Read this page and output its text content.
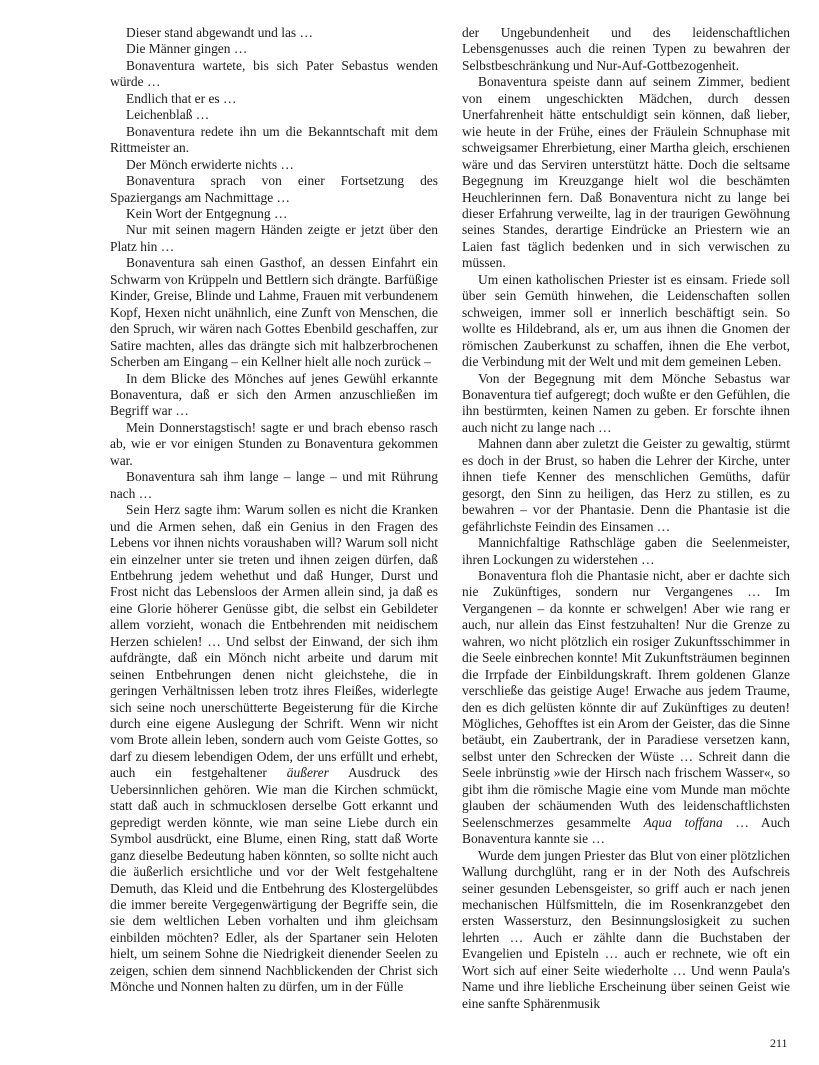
Dieser stand abgewandt und las …

Die Männer gingen …

Bonaventura wartete, bis sich Pater Sebastus wenden würde …

Endlich that er es …

Leichenblaß …

Bonaventura redete ihn um die Bekanntschaft mit dem Rittmeister an.

Der Mönch erwiderte nichts …

Bonaventura sprach von einer Fortsetzung des Spaziergangs am Nachmittage …

Kein Wort der Entgegnung …

Nur mit seinen magern Händen zeigte er jetzt über den Platz hin …

Bonaventura sah einen Gasthof, an dessen Einfahrt ein Schwarm von Krüppeln und Bettlern sich drängte. Barfüßige Kinder, Greise, Blinde und Lahme, Frauen mit verbundenem Kopf, Hexen nicht unähnlich, eine Zunft von Menschen, die den Spruch, wir wären nach Gottes Ebenbild geschaffen, zur Satire machten, alles das drängte sich mit halbzerbrochenen Scherben am Eingang – ein Kellner hielt alle noch zurück –

In dem Blicke des Mönches auf jenes Gewühl erkannte Bonaventura, daß er sich den Armen anzuschließen im Begriff war …

Mein Donnerstagstisch! sagte er und brach ebenso rasch ab, wie er vor einigen Stunden zu Bonaventura gekommen war.

Bonaventura sah ihm lange – lange – und mit Rührung nach …

Sein Herz sagte ihm: Warum sollen es nicht die Kranken und die Armen sehen, daß ein Genius in den Fragen des Lebens vor ihnen nichts voraushaben will? Warum soll nicht ein einzelner unter sie treten und ihnen zeigen dürfen, daß Entbehrung jedem wehethut und daß Hunger, Durst und Frost nicht das Lebensloos der Armen allein sind, ja daß es eine Glorie höherer Genüsse gibt, die selbst ein Gebildeter allem vorzieht, wonach die Entbehrenden mit neidischem Herzen schielen! … Und selbst der Einwand, der sich ihm aufdrängte, daß ein Mönch nicht arbeite und darum mit seinen Entbehrungen denen nicht gleichstehe, die in geringen Verhältnissen leben trotz ihres Fleißes, widerlegte sich seine noch unerschütterte Begeisterung für die Kirche durch eine eigene Auslegung der Schrift. Wenn wir nicht vom Brote allein leben, sondern auch vom Geiste Gottes, so darf zu diesem lebendigen Odem, der uns erfüllt und erhebt, auch ein festgehaltener äußerer Ausdruck des Uebersinnlichen gehören. Wie man die Kirchen schmückt, statt daß auch in schmucklosen derselbe Gott erkannt und gepredigt werden könnte, wie man seine Liebe durch ein Symbol ausdrückt, eine Blume, einen Ring, statt daß Worte ganz dieselbe Bedeutung haben könnten, so sollte nicht auch die äußerlich ersichtliche und vor der Welt festgehaltene Demuth, das Kleid und die Entbehrung des Klostergelübdes die immer bereite Vergegenwärtigung der Begriffe sein, die sie dem weltlichen Leben vorhalten und ihm gleichsam einbilden möchten? Edler, als der Spartaner sein Heloten hielt, um seinem Sohne die Niedrigkeit dienender Seelen zu zeigen, schien dem sinnend Nachblickenden der Christ sich Mönche und Nonnen halten zu dürfen, um in der Fülle

der Ungebundenheit und des leidenschaftlichen Lebensgenusses auch die reinen Typen zu bewahren der Selbstbeschränkung und Nur-Auf-Gottbezogenheit.

Bonaventura speiste dann auf seinem Zimmer, bedient von einem ungeschickten Mädchen, durch dessen Unerfahrenheit hätte entschuldigt sein können, daß lieber, wie heute in der Frühe, eines der Fräulein Schnuphase mit schweigsamer Ehrerbietung, einer Martha gleich, erschienen wäre und das Serviren unterstützt hätte. Doch die seltsame Begegnung im Kreuzgange hielt wol die beschämten Heuchlerinnen fern. Daß Bonaventura nicht zu lange bei dieser Erfahrung verweilte, lag in der traurigen Gewöhnung seines Standes, derartige Eindrücke an Priestern wie an Laien fast täglich bedenken und in sich verwischen zu müssen.

Um einen katholischen Priester ist es einsam. Friede soll über sein Gemüth hinwehen, die Leidenschaften sollen schweigen, immer soll er innerlich beschäftigt sein. So wollte es Hildebrand, als er, um aus ihnen die Gnomen der römischen Zauberkunst zu schaffen, ihnen die Ehe verbot, die Verbindung mit der Welt und mit dem gemeinen Leben.

Von der Begegnung mit dem Mönche Sebastus war Bonaventura tief aufgeregt; doch wußte er den Gefühlen, die ihn bestürmten, keinen Namen zu geben. Er forschte ihnen auch nicht zu lange nach …

Mahnen dann aber zuletzt die Geister zu gewaltig, stürmt es doch in der Brust, so haben die Lehrer der Kirche, unter ihnen tiefe Kenner des menschlichen Gemüths, dafür gesorgt, den Sinn zu heiligen, das Herz zu stillen, es zu bewahren – vor der Phantasie. Denn die Phantasie ist die gefährlichste Feindin des Einsamen …

Mannichfaltige Rathschläge gaben die Seelenmeister, ihren Lockungen zu widerstehen …

Bonaventura floh die Phantasie nicht, aber er dachte sich nie Zukünftiges, sondern nur Vergangenes … Im Vergangenen – da konnte er schwelgen! Aber wie rang er auch, nur allein das Einst festzuhalten! Nur die Grenze zu wahren, wo nicht plötzlich ein rosiger Zukunftsschimmer in die Seele einbrechen konnte! Mit Zukunftsträumen beginnen die Irrpfade der Einbildungskraft. Ihrem goldenen Glanze verschließe das geistige Auge! Erwache aus jedem Traume, den es dich gelüsten könnte dir auf Zukünftiges zu deuten! Mögliches, Gehofftes ist ein Arom der Geister, das die Sinne betäubt, ein Zaubertrank, der in Paradiese versetzen kann, selbst unter den Schrecken der Wüste … Schreit dann die Seele inbrünstig »wie der Hirsch nach frischem Wasser«, so gibt ihm die römische Magie eine vom Munde man möchte glauben der schäumenden Wuth des leidenschaftlichsten Seelenschmerzes gesammelte Aqua toffana … Auch Bonaventura kannte sie …

Wurde dem jungen Priester das Blut von einer plötzlichen Wallung durchglüht, rang er in der Noth des Aufschreis seiner gesunden Lebensgeister, so griff auch er nach jenen mechanischen Hülfsmitteln, die im Rosenkranzgebet den ersten Wassersturz, den Besinnungslosigkeit zu suchen lehrten … Auch er zählte dann die Buchstaben der Evangelien und Episteln … auch er rechnete, wie oft ein Wort sich auf einer Seite wiederholte … Und wenn Paula's Name und ihre liebliche Erscheinung über seinen Geist wie eine sanfte Sphärenmusik

211
